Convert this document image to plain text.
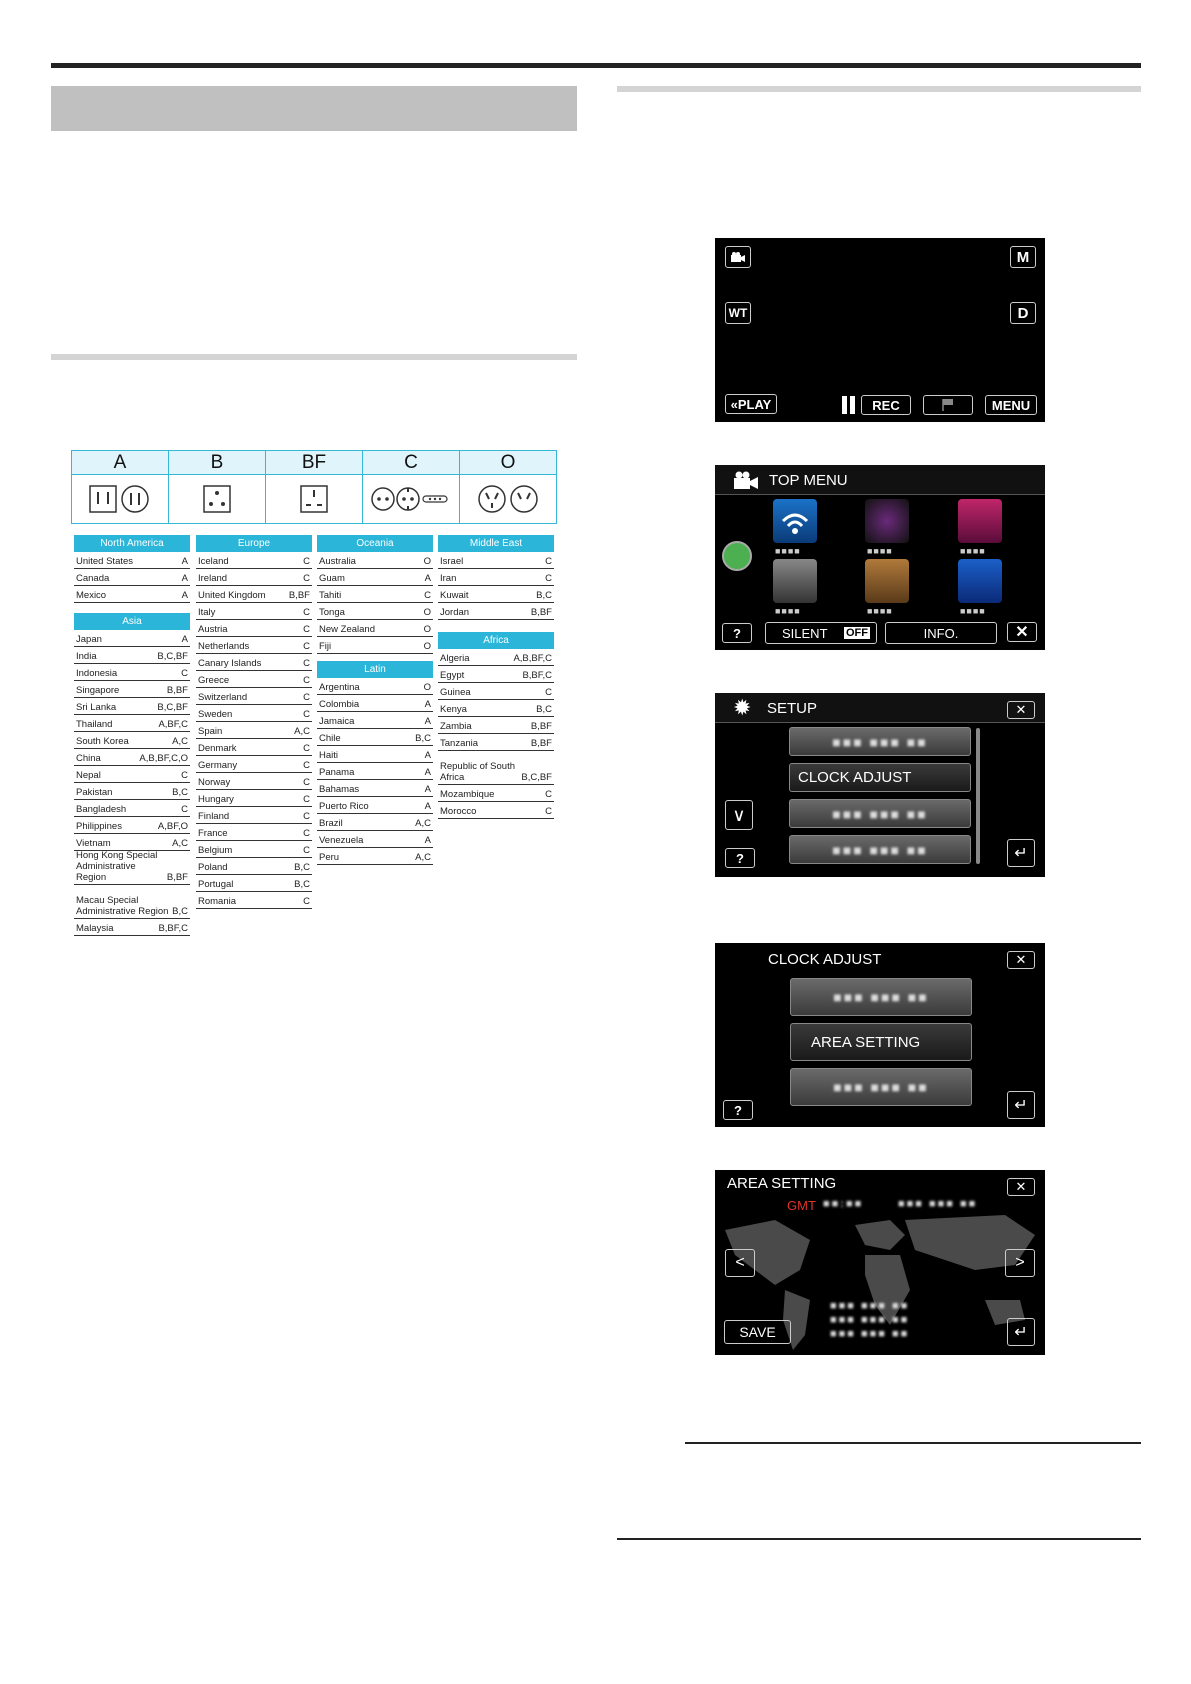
A	B	BF	C	O
North America
United States	A
Canada	A
Mexico	A
Asia
Japan	A
India	B,C,BF
Indonesia	C
Singapore	B,BF
Sri Lanka	B,C,BF
Thailand	A,BF,C
South Korea	A,C
China	A,B,BF,C,O
Nepal	C
Pakistan	B,C
Bangladesh	C
Philippines	A,BF,O
Vietnam	A,C
Hong Kong Special
Administrative Region	B,BF
Macau Special
Administrative Region B,C
Malaysia	B,BF,C
Europe
Iceland	C
Ireland	C
United Kingdom B,BF
Italy	C
Austria	C
Netherlands	C
Canary Islands	C
Greece	C
Switzerland	C
Sweden	C
Spain	A,C
Denmark	C
Germany	C
Norway	C
Hungary	C
Finland	C
France	C
Belgium	C
Poland	B,C
Portugal	B,C
Romania	C
Oceania
Australia	O
Guam	A
Tahiti	C
Tonga	O
New Zealand	O
Fiji	O
Latin
Argentina	O
Colombia	A
Jamaica	A
Chile	B,C
Haiti	A
Panama	A
Bahamas	A
Puerto Rico	A
Brazil	A,C
Venezuela	A
Peru	A,C
Middle East
Israel	C
Iran	C
Kuwait	B,C
Jordan	B,BF
Africa
Algeria	A,B,BF,C
Egypt	B,BF,C
Guinea	C
Kenya	B,C
Zambia	B,BF
Tanzania	B,BF
Republic of South
Africa	B,C,BF
Mozambique	C
Morocco	C
M
WT	D
«PLAY	REC	MENU
TOP MENU
■■■■	■■■■	■■■■
■■■■	■■■■	■■■■
?	SILENT OFF	INFO.	✕
✹ SETUP	✕
■■■ ■■■ ■■
CLOCK ADJUST
■■■ ■■■ ■■
■■■ ■■■ ■■
∨
?	↵
CLOCK ADJUST	✕
■■■ ■■■ ■■
AREA SETTING
■■■ ■■■ ■■
?	↵
AREA SETTING	✕
GMT ■■:■■	■■■ ■■■ ■■
<	>
■■■ ■■■ ■■
■■■ ■■■ ■■
■■■ ■■■ ■■
SAVE	↵
